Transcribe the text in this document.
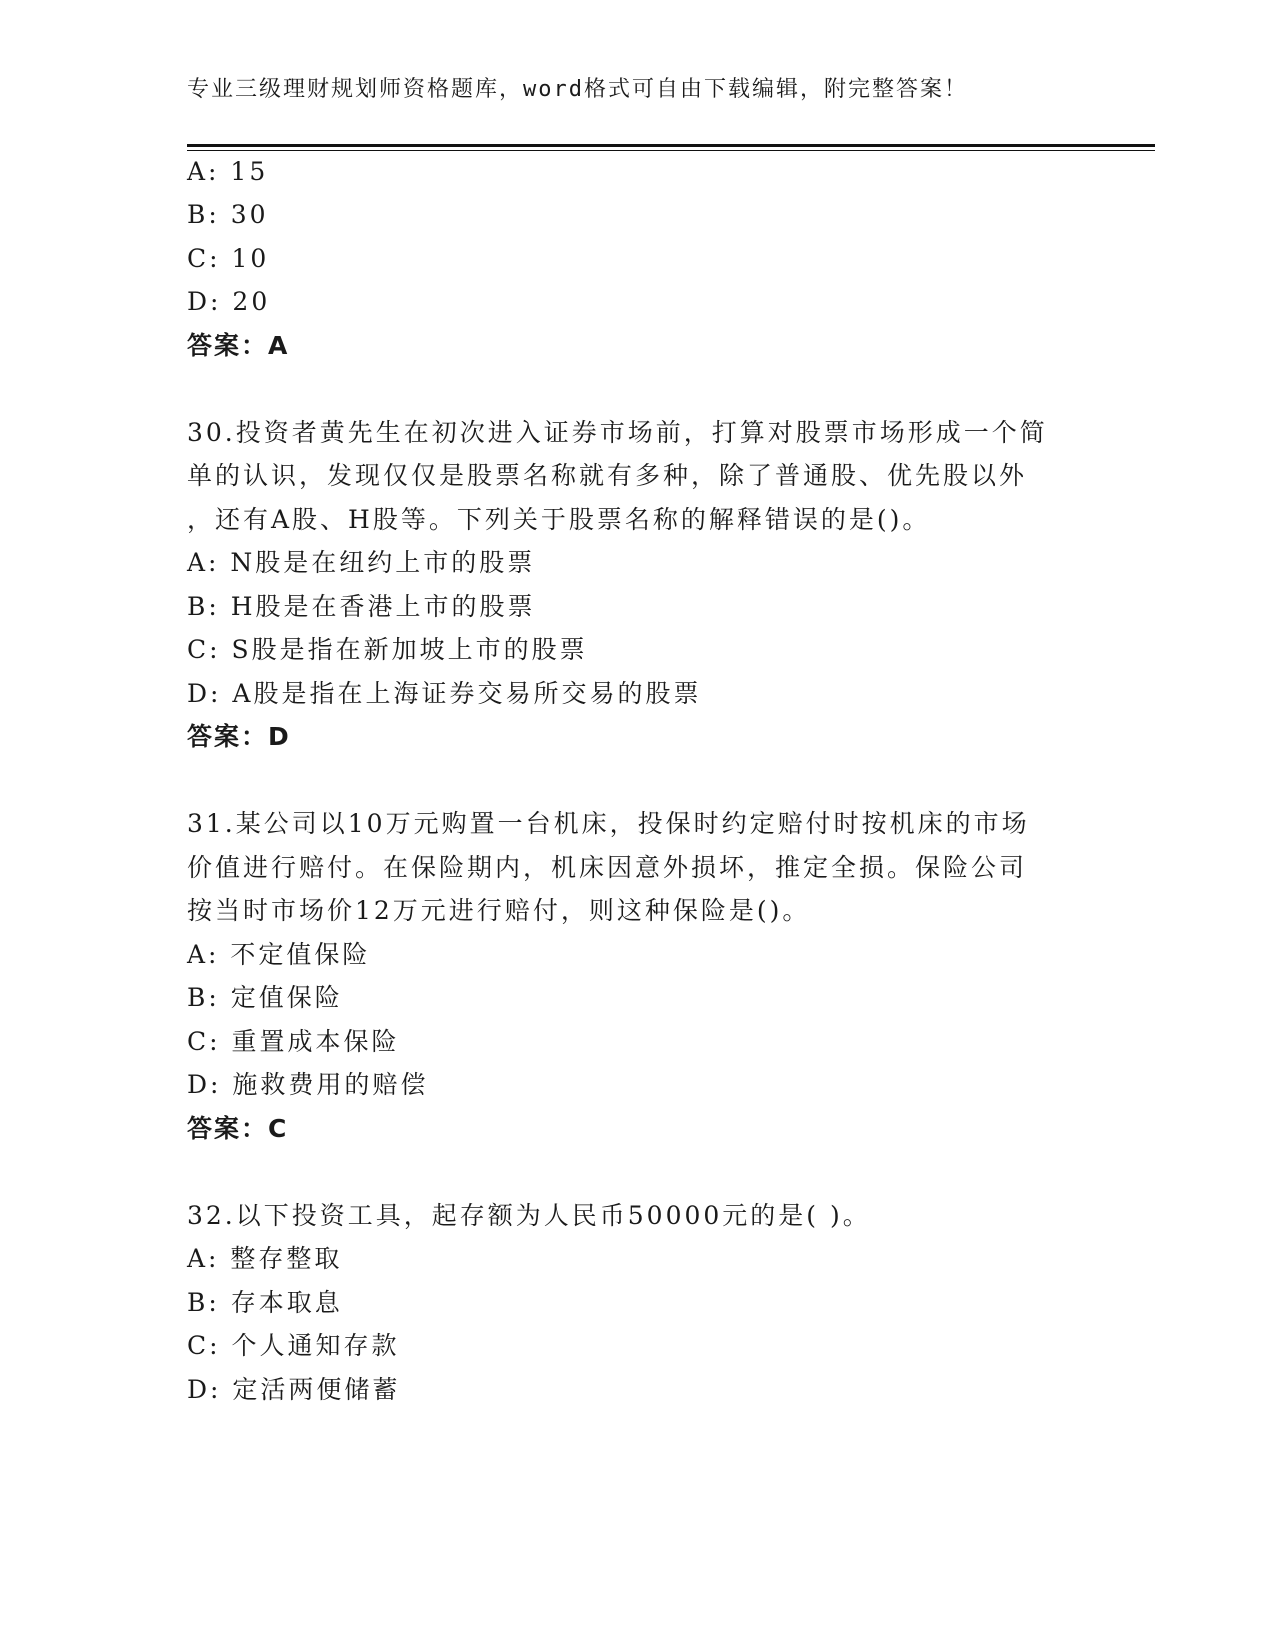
专业三级理财规划师资格题库，word格式可自由下载编辑，附完整答案！
A: 15
B: 30
C: 10
D: 20
答案：A
30.投资者黄先生在初次进入证券市场前，打算对股票市场形成一个简
单的认识，发现仅仅是股票名称就有多种，除了普通股、优先股以外
，还有A股、H股等。下列关于股票名称的解释错误的是()。
A: N股是在纽约上市的股票
B: H股是在香港上市的股票
C: S股是指在新加坡上市的股票
D: A股是指在上海证券交易所交易的股票
答案：D
31.某公司以10万元购置一台机床，投保时约定赔付时按机床的市场
价值进行赔付。在保险期内，机床因意外损坏，推定全损。保险公司
按当时市场价12万元进行赔付，则这种保险是()。
A: 不定值保险
B: 定值保险
C: 重置成本保险
D: 施救费用的赔偿
答案：C
32.以下投资工具，起存额为人民币50000元的是( )。
A: 整存整取
B: 存本取息
C: 个人通知存款
D: 定活两便储蓄
